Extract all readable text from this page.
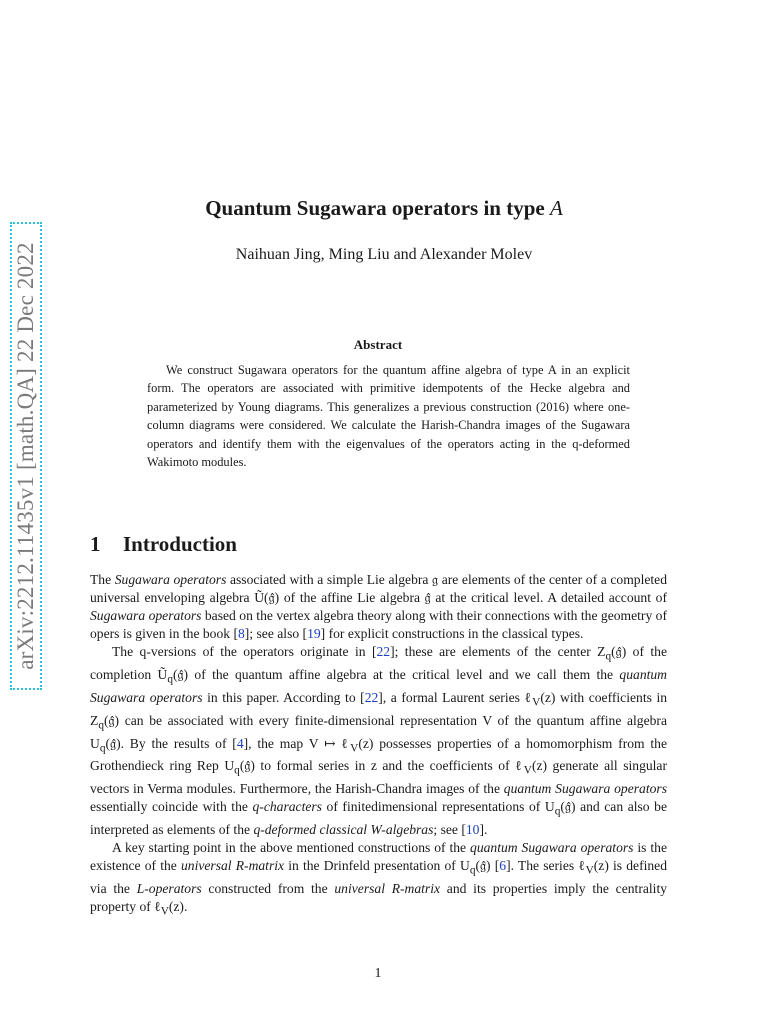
arXiv:2212.11435v1 [math.QA] 22 Dec 2022
Quantum Sugawara operators in type A
Naihuan Jing, Ming Liu and Alexander Molev
Abstract

We construct Sugawara operators for the quantum affine algebra of type A in an explicit form. The operators are associated with primitive idempotents of the Hecke algebra and parameterized by Young diagrams. This generalizes a previous construction (2016) where one-column diagrams were considered. We calculate the Harish-Chandra images of the Sugawara operators and identify them with the eigenvalues of the operators acting in the q-deformed Wakimoto modules.

1 Introduction

The Sugawara operators associated with a simple Lie algebra 𝔤 are elements of the center of a completed universal enveloping algebra Ũ(𝔤̂) of the affine Lie algebra 𝔤̂ at the critical level. A detailed account of Sugawara operators based on the vertex algebra theory along with their connections with the geometry of opers is given in the book [8]; see also [19] for explicit constructions in the classical types.

The q-versions of the operators originate in [22]; these are elements of the center $Z_q(𝔤̂)$ of the completion $Ũ_q(𝔤̂)$ of the quantum affine algebra at the critical level and we call them the quantum Sugawara operators in this paper. According to [22], a formal Laurent series ℓ$_V$(z) with coefficients in $Z_q(𝔤̂)$ can be associated with every finite-dimensional representation V of the quantum affine algebra $U_q(𝔤̂)$. By the results of [4], the map V ↦ ℓ$_V$(z) possesses properties of a homomorphism from the Grothendieck ring Rep $U_q(𝔤̂)$ to formal series in z and the coefficients of ℓ$_V$(z) generate all singular vectors in Verma modules. Furthermore, the Harish-Chandra images of the quantum Sugawara operators essentially coincide with the q-characters of finitedimensional representations of $U_q(𝔤̂)$ and can also be interpreted as elements of the q-deformed classical W-algebras; see [10].

A key starting point in the above mentioned constructions of the quantum Sugawara operators is the existence of the universal R-matrix in the Drinfeld presentation of $U_q(𝔤̂)$ [6]. The series ℓ$_V$(z) is defined via the L-operators constructed from the universal R-matrix and its properties imply the centrality property of ℓ$_V$(z).

1
